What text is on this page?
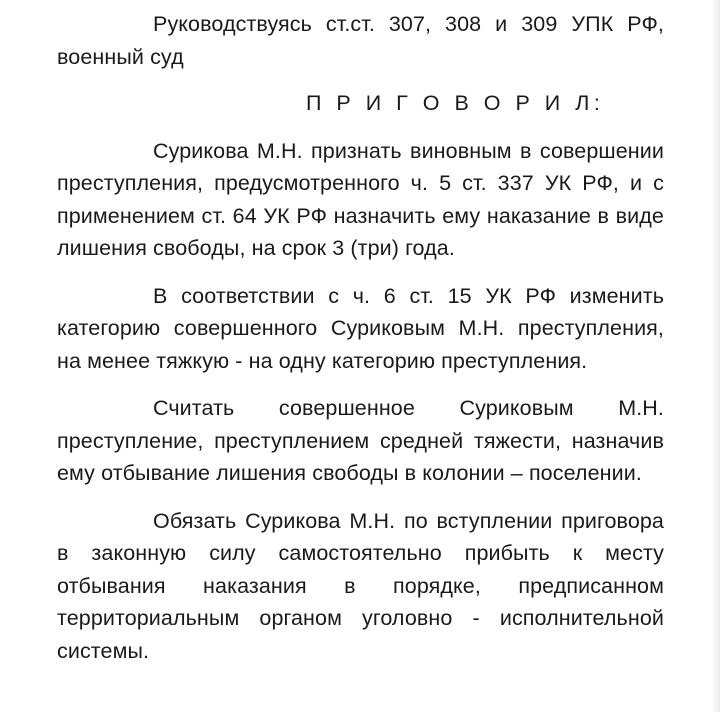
Руководствуясь ст.ст. 307, 308 и 309 УПК РФ, военный суд

П Р И Г О В О Р И Л:

Сурикова М.Н. признать виновным в совершении преступления, предусмотренного ч. 5 ст. 337 УК РФ, и с применением ст. 64 УК РФ назначить ему наказание в виде лишения свободы, на срок 3 (три) года.

В соответствии с ч. 6 ст. 15 УК РФ изменить категорию совершенного Суриковым М.Н. преступления, на менее тяжкую - на одну категорию преступления.

Считать совершенное Суриковым М.Н. преступление, преступлением средней тяжести, назначив ему отбывание лишения свободы в колонии – поселении.

Обязать Сурикова М.Н. по вступлении приговора в законную силу самостоятельно прибыть к месту отбывания наказания в порядке, предписанном территориальным органом уголовно - исполнительной системы.
